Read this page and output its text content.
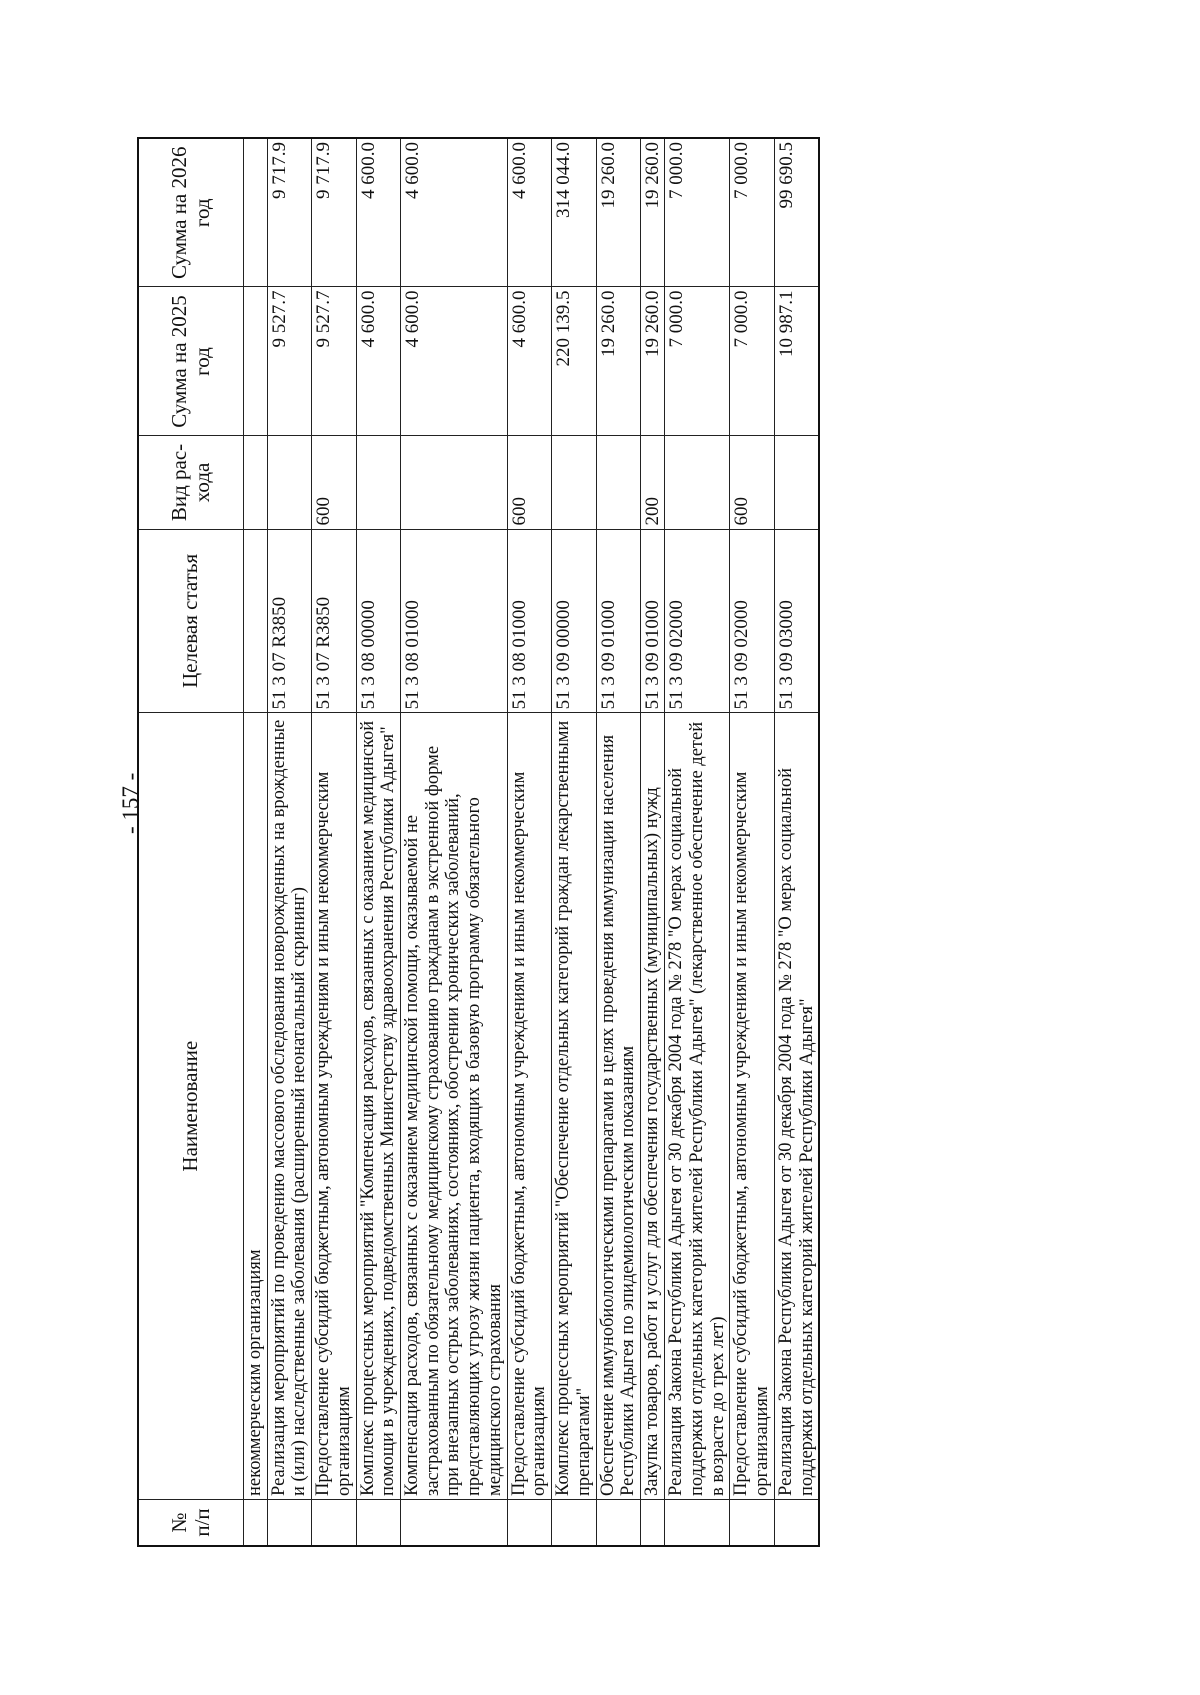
- 157 -
№ п/п	Наименование	Целевая статья	Вид рас- хода	Сумма на 2025 год	Сумма на 2026 год
	некоммерческим организациям				
	Реализация мероприятий по проведению массового обследования новорожденных на врожденные и (или) наследственные заболевания (расширенный неонатальный скрининг)	51 3 07 R3850		9 527.7	9 717.9
	Предоставление субсидий бюджетным, автономным учреждениям и иным некоммерческим организациям	51 3 07 R3850	600	9 527.7	9 717.9
	Комплекс процессных мероприятий "Компенсация расходов, связанных с оказанием медицинской помощи в учреждениях, подведомственных Министерству здравоохранения Республики Адыгея"	51 3 08 00000		4 600.0	4 600.0
	Компенсация расходов, связанных с оказанием медицинской помощи, оказываемой не застрахованным по обязательному медицинскому страхованию гражданам в экстренной форме при внезапных острых заболеваниях, состояниях, обострении хронических заболеваний, представляющих угрозу жизни пациента, входящих в базовую программу обязательного медицинского страхования	51 3 08 01000		4 600.0	4 600.0
	Предоставление субсидий бюджетным, автономным учреждениям и иным некоммерческим организациям	51 3 08 01000	600	4 600.0	4 600.0
	Комплекс процессных мероприятий "Обеспечение отдельных категорий граждан лекарственными препаратами"	51 3 09 00000		220 139.5	314 044.0
	Обеспечение иммунобиологическими препаратами в целях проведения иммунизации населения Республики Адыгея по эпидемиологическим показаниям	51 3 09 01000		19 260.0	19 260.0
	Закупка товаров, работ и услуг для обеспечения государственных (муниципальных) нужд	51 3 09 01000	200	19 260.0	19 260.0
	Реализация Закона Республики Адыгея от 30 декабря 2004 года № 278 "О мерах социальной поддержки отдельных категорий жителей Республики Адыгея" (лекарственное обеспечение детей в возрасте до трех лет)	51 3 09 02000		7 000.0	7 000.0
	Предоставление субсидий бюджетным, автономным учреждениям и иным некоммерческим организациям	51 3 09 02000	600	7 000.0	7 000.0
	Реализация Закона Республики Адыгея от 30 декабря 2004 года № 278 "О мерах социальной поддержки отдельных категорий жителей Республики Адыгея"	51 3 09 03000		10 987.1	99 690.5
